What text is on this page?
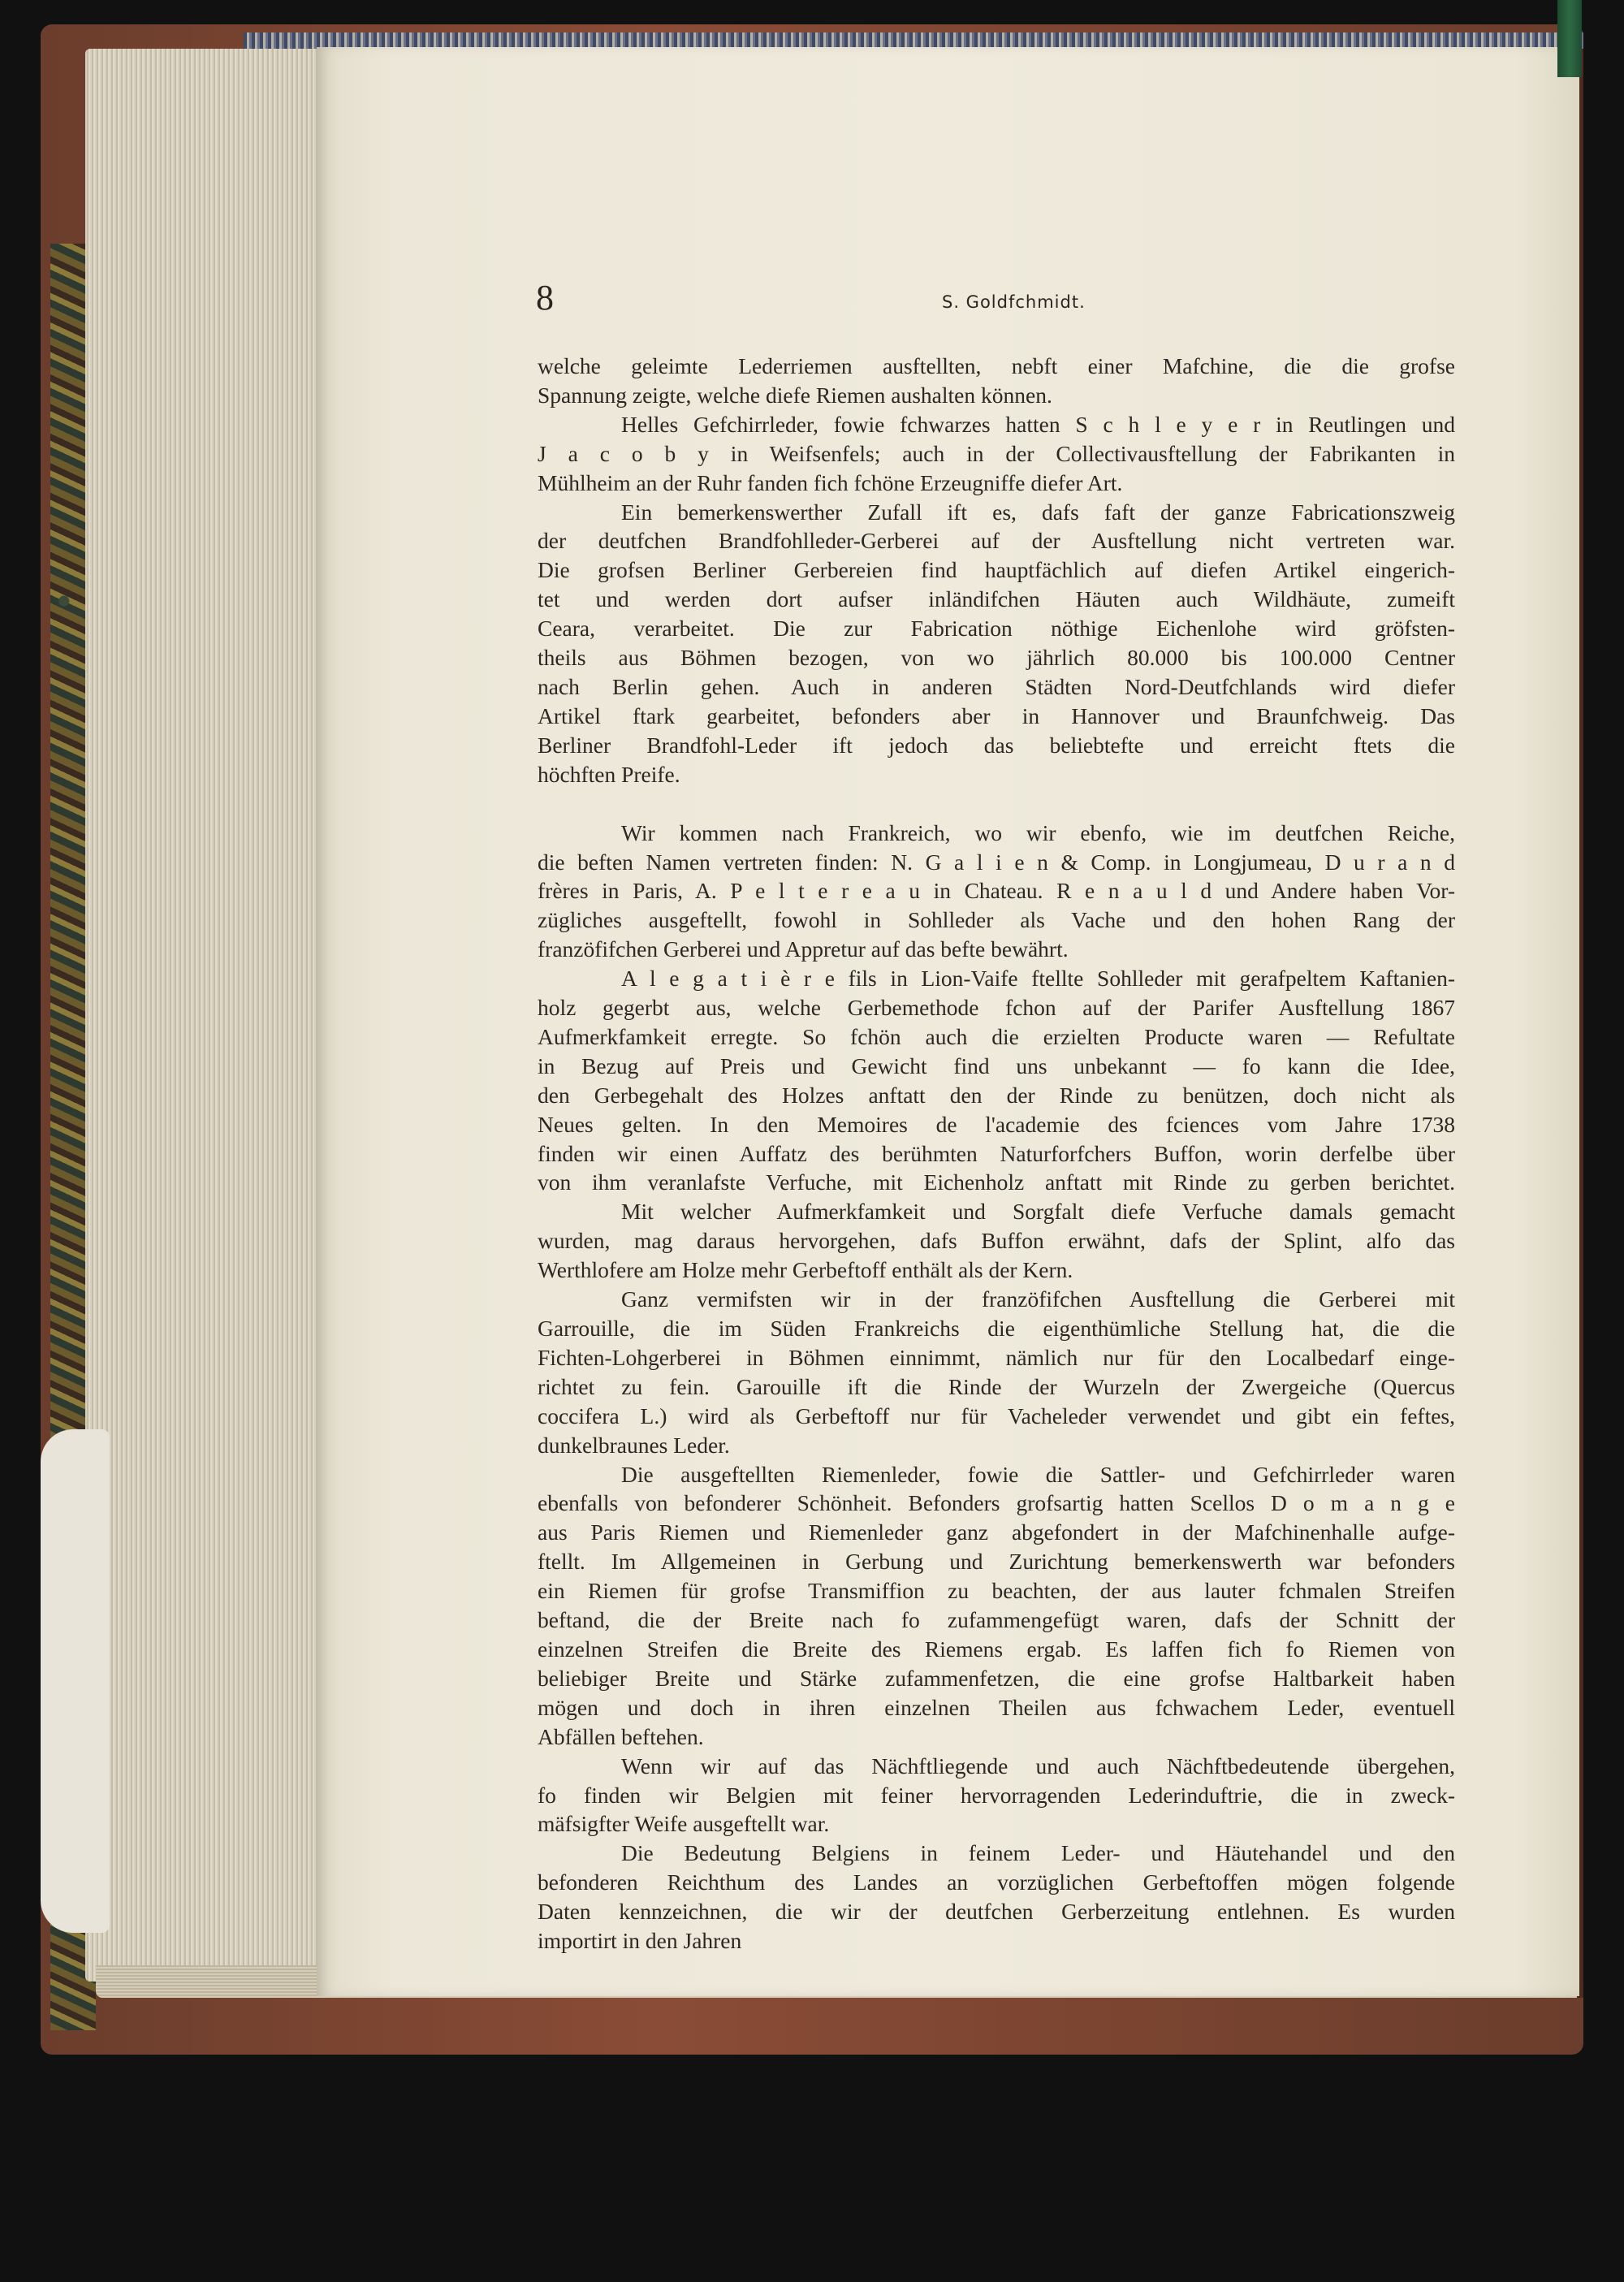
8	S. Goldfchmidt.
welche geleimte Lederriemen ausftellten, nebft einer Mafchine, die die grofse
Spannung zeigte, welche diefe Riemen aushalten können.
Helles Gefchirrleder, fowie fchwarzes hatten S c h l e y e r in Reutlingen und
J a c o b y in Weifsenfels; auch in der Collectivausftellung der Fabrikanten in
Mühlheim an der Ruhr fanden fich fchöne Erzeugniffe diefer Art.
Ein bemerkenswerther Zufall ift es, dafs faft der ganze Fabricationszweig
der deutfchen Brandfohlleder-Gerberei auf der Ausftellung nicht vertreten war.
Die grofsen Berliner Gerbereien find hauptfächlich auf diefen Artikel eingerich-
tet und werden dort aufser inländifchen Häuten auch Wildhäute, zumeift
Ceara, verarbeitet. Die zur Fabrication nöthige Eichenlohe wird gröfsten-
theils aus Böhmen bezogen, von wo jährlich 80.000 bis 100.000 Centner
nach Berlin gehen. Auch in anderen Städten Nord-Deutfchlands wird diefer
Artikel ftark gearbeitet, befonders aber in Hannover und Braunfchweig. Das
Berliner Brandfohl-Leder ift jedoch das beliebtefte und erreicht ftets die
höchften Preife.
Wir kommen nach Frankreich, wo wir ebenfo, wie im deutfchen Reiche,
die beften Namen vertreten finden: N. G a l i e n & Comp. in Longjumeau, D u r a n d
frères in Paris, A. P e l t e r e a u in Chateau. R e n a u l d und Andere haben Vor-
zügliches ausgeftellt, fowohl in Sohlleder als Vache und den hohen Rang der
franzöfifchen Gerberei und Appretur auf das befte bewährt.
A l e g a t i è r e fils in Lion-Vaife ftellte Sohlleder mit gerafpeltem Kaftanien-
holz gegerbt aus, welche Gerbemethode fchon auf der Parifer Ausftellung 1867
Aufmerkfamkeit erregte. So fchön auch die erzielten Producte waren — Refultate
in Bezug auf Preis und Gewicht find uns unbekannt — fo kann die Idee,
den Gerbegehalt des Holzes anftatt den der Rinde zu benützen, doch nicht als
Neues gelten. In den Memoires de l'academie des fciences vom Jahre 1738
finden wir einen Auffatz des berühmten Naturforfchers Buffon, worin derfelbe über
von ihm veranlafste Verfuche, mit Eichenholz anftatt mit Rinde zu gerben berichtet.
Mit welcher Aufmerkfamkeit und Sorgfalt diefe Verfuche damals gemacht
wurden, mag daraus hervorgehen, dafs Buffon erwähnt, dafs der Splint, alfo das
Werthlofere am Holze mehr Gerbeftoff enthält als der Kern.
Ganz vermifsten wir in der franzöfifchen Ausftellung die Gerberei mit
Garrouille, die im Süden Frankreichs die eigenthümliche Stellung hat, die die
Fichten-Lohgerberei in Böhmen einnimmt, nämlich nur für den Localbedarf einge-
richtet zu fein. Garouille ift die Rinde der Wurzeln der Zwergeiche (Quercus
coccifera L.) wird als Gerbeftoff nur für Vacheleder verwendet und gibt ein feftes,
dunkelbraunes Leder.
Die ausgeftellten Riemenleder, fowie die Sattler- und Gefchirrleder waren
ebenfalls von befonderer Schönheit. Befonders grofsartig hatten Scellos D o m a n g e
aus Paris Riemen und Riemenleder ganz abgefondert in der Mafchinenhalle aufge-
ftellt. Im Allgemeinen in Gerbung und Zurichtung bemerkenswerth war befonders
ein Riemen für grofse Transmiffion zu beachten, der aus lauter fchmalen Streifen
beftand, die der Breite nach fo zufammengefügt waren, dafs der Schnitt der
einzelnen Streifen die Breite des Riemens ergab. Es laffen fich fo Riemen von
beliebiger Breite und Stärke zufammenfetzen, die eine grofse Haltbarkeit haben
mögen und doch in ihren einzelnen Theilen aus fchwachem Leder, eventuell
Abfällen beftehen.
Wenn wir auf das Nächftliegende und auch Nächftbedeutende übergehen,
fo finden wir Belgien mit feiner hervorragenden Lederinduftrie, die in zweck-
mäfsigfter Weife ausgeftellt war.
Die Bedeutung Belgiens in feinem Leder- und Häutehandel und den
befonderen Reichthum des Landes an vorzüglichen Gerbeftoffen mögen folgende
Daten kennzeichnen, die wir der deutfchen Gerberzeitung entlehnen. Es wurden
importirt in den Jahren
